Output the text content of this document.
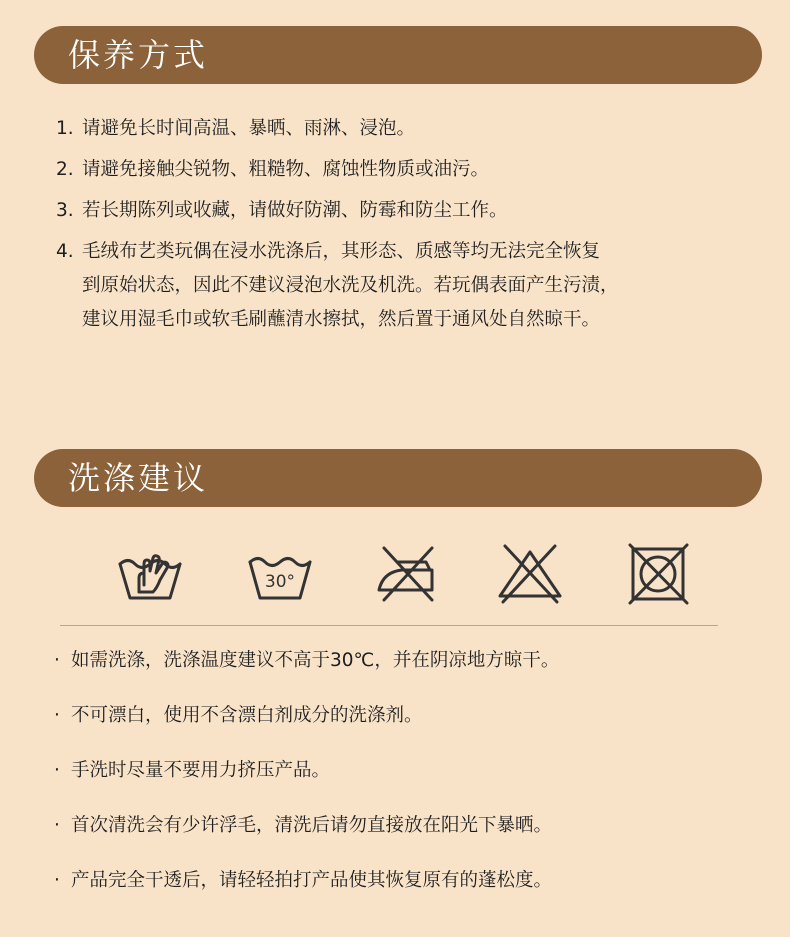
保养方式
1. 请避免长时间高温、暴晒、雨淋、浸泡。
2. 请避免接触尖锐物、粗糙物、腐蚀性物质或油污。
3. 若长期陈列或收藏，请做好防潮、防霉和防尘工作。
4. 毛绒布艺类玩偶在浸水洗涤后，其形态、质感等均无法完全恢复
到原始状态，因此不建议浸泡水洗及机洗。若玩偶表面产生污渍，
建议用湿毛巾或软毛刷蘸清水擦拭，然后置于通风处自然晾干。
洗涤建议
30°
· 如需洗涤，洗涤温度建议不高于30℃，并在阴凉地方晾干。
· 不可漂白，使用不含漂白剂成分的洗涤剂。
· 手洗时尽量不要用力挤压产品。
· 首次清洗会有少许浮毛，清洗后请勿直接放在阳光下暴晒。
· 产品完全干透后，请轻轻拍打产品使其恢复原有的蓬松度。
